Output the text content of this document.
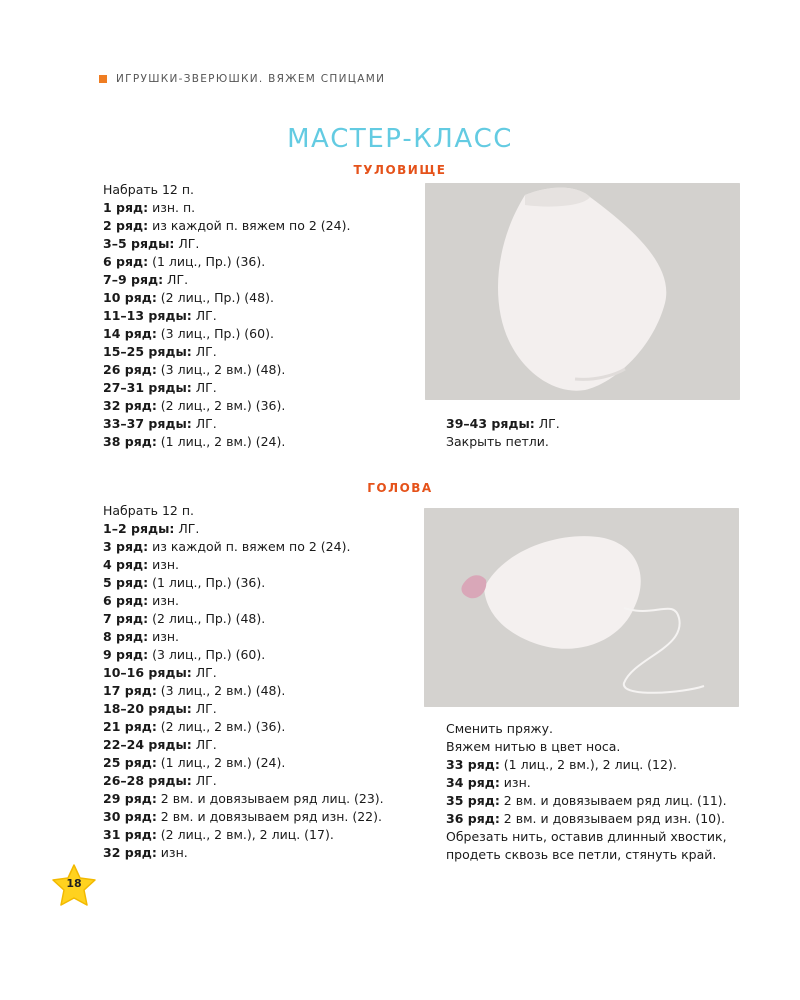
ИГРУШКИ-ЗВЕРЮШКИ. ВЯЖЕМ СПИЦАМИ
МАСТЕР-КЛАСС
ТУЛОВИЩЕ
Набрать 12 п.
1 ряд: изн. п.
2 ряд: из каждой п. вяжем по 2 (24).
3–5 ряды: ЛГ.
6 ряд: (1 лиц., Пр.) (36).
7–9 ряд: ЛГ.
10 ряд: (2 лиц., Пр.) (48).
11–13 ряды: ЛГ.
14 ряд: (3 лиц., Пр.) (60).
15–25 ряды: ЛГ.
26 ряд: (3 лиц., 2 вм.) (48).
27–31 ряды: ЛГ.
32 ряд: (2 лиц., 2 вм.) (36).
33–37 ряды: ЛГ.
38 ряд: (1 лиц., 2 вм.) (24).
39–43 ряды: ЛГ.
Закрыть петли.
ГОЛОВА
Набрать 12 п.
1–2 ряды: ЛГ.
3 ряд: из каждой п. вяжем по 2 (24).
4 ряд: изн.
5 ряд: (1 лиц., Пр.) (36).
6 ряд: изн.
7 ряд: (2 лиц., Пр.) (48).
8 ряд: изн.
9 ряд: (3 лиц., Пр.) (60).
10–16 ряды: ЛГ.
17 ряд: (3 лиц., 2 вм.) (48).
18–20 ряды: ЛГ.
21 ряд: (2 лиц., 2 вм.) (36).
22–24 ряды: ЛГ.
25 ряд: (1 лиц., 2 вм.) (24).
26–28 ряды: ЛГ.
29 ряд: 2 вм. и довязываем ряд лиц. (23).
30 ряд: 2 вм. и довязываем ряд изн. (22).
31 ряд: (2 лиц., 2 вм.), 2 лиц. (17).
32 ряд: изн.
Сменить пряжу.
Вяжем нитью в цвет носа.
33 ряд: (1 лиц., 2 вм.), 2 лиц. (12).
34 ряд: изн.
35 ряд: 2 вм. и довязываем ряд лиц. (11).
36 ряд: 2 вм. и довязываем ряд изн. (10).
Обрезать нить, оставив длинный хвостик,
продеть сквозь все петли, стянуть край.
18
